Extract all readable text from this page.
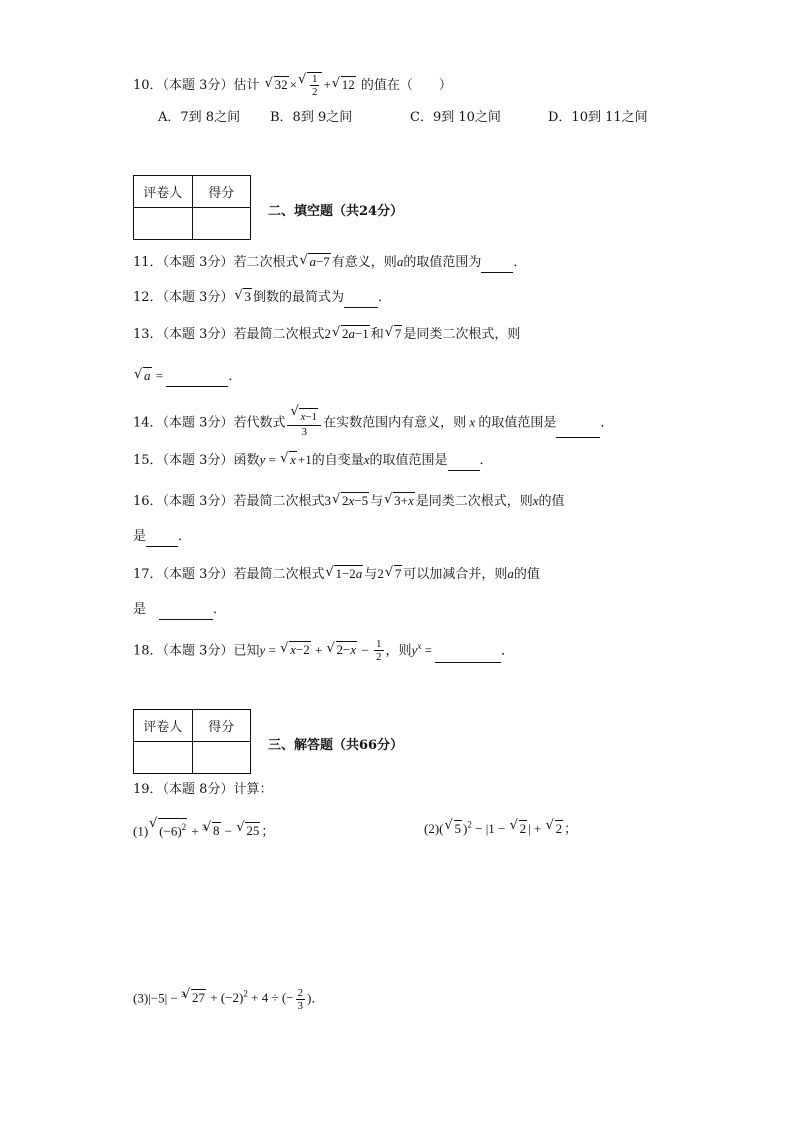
10．（本题 3分）估计 √ 32 × √ $\frac{1}{2}$ + √ 12 的值在（　　）
A．7到 8之间 B．8到 9之间	C．9到 10之间	D．10到 11之间
评卷人	得分

二、填空题（共24分）
11．（本题 3分）若二次根式 √ a−7 有意义，则a的取值范围为 ．
12．（本题 3分） √ 3 倒数的最简式为	．
13．（本题 3分）若最简二次根式2 √ 2a−1 和 √ 7 是同类二次根式，则
√ a =	．
14．（本题 3分）若代数式 √ $\frac{x-1}{3}$ 在实数范围内有意义，则 x 的取值范围是	．
15．（本题 3分）函数y = √ x +1的自变量x的取值范围是 ．
16．（本题 3分）若最简二次根式3 √ 2x−5 与 √ 3+x 是同类二次根式，则x的值
是 ．
17．（本题 3分）若最简二次根式 √ 1−2a 与2 √ 7 可以加减合并，则a的值
是　	．
18．（本题 3分）已知y = √ x−2 + √ $2-x - \frac{1}{2}$ ，则$y^x$ =	．
评卷人	得分

三、解答题（共66分）
19．（本题 8分）计算：
(1) √ $(-6)^2 + ^3$ √ 8 − √ 25 ；	(2)( √ 5 )$^2$ − |1 − √ 2 | + √ 2 ；
(3)|−5| − $^3$ √ $27 + (-2)^2 + 4$ ÷ (− $\frac{2}{3}$ )．
